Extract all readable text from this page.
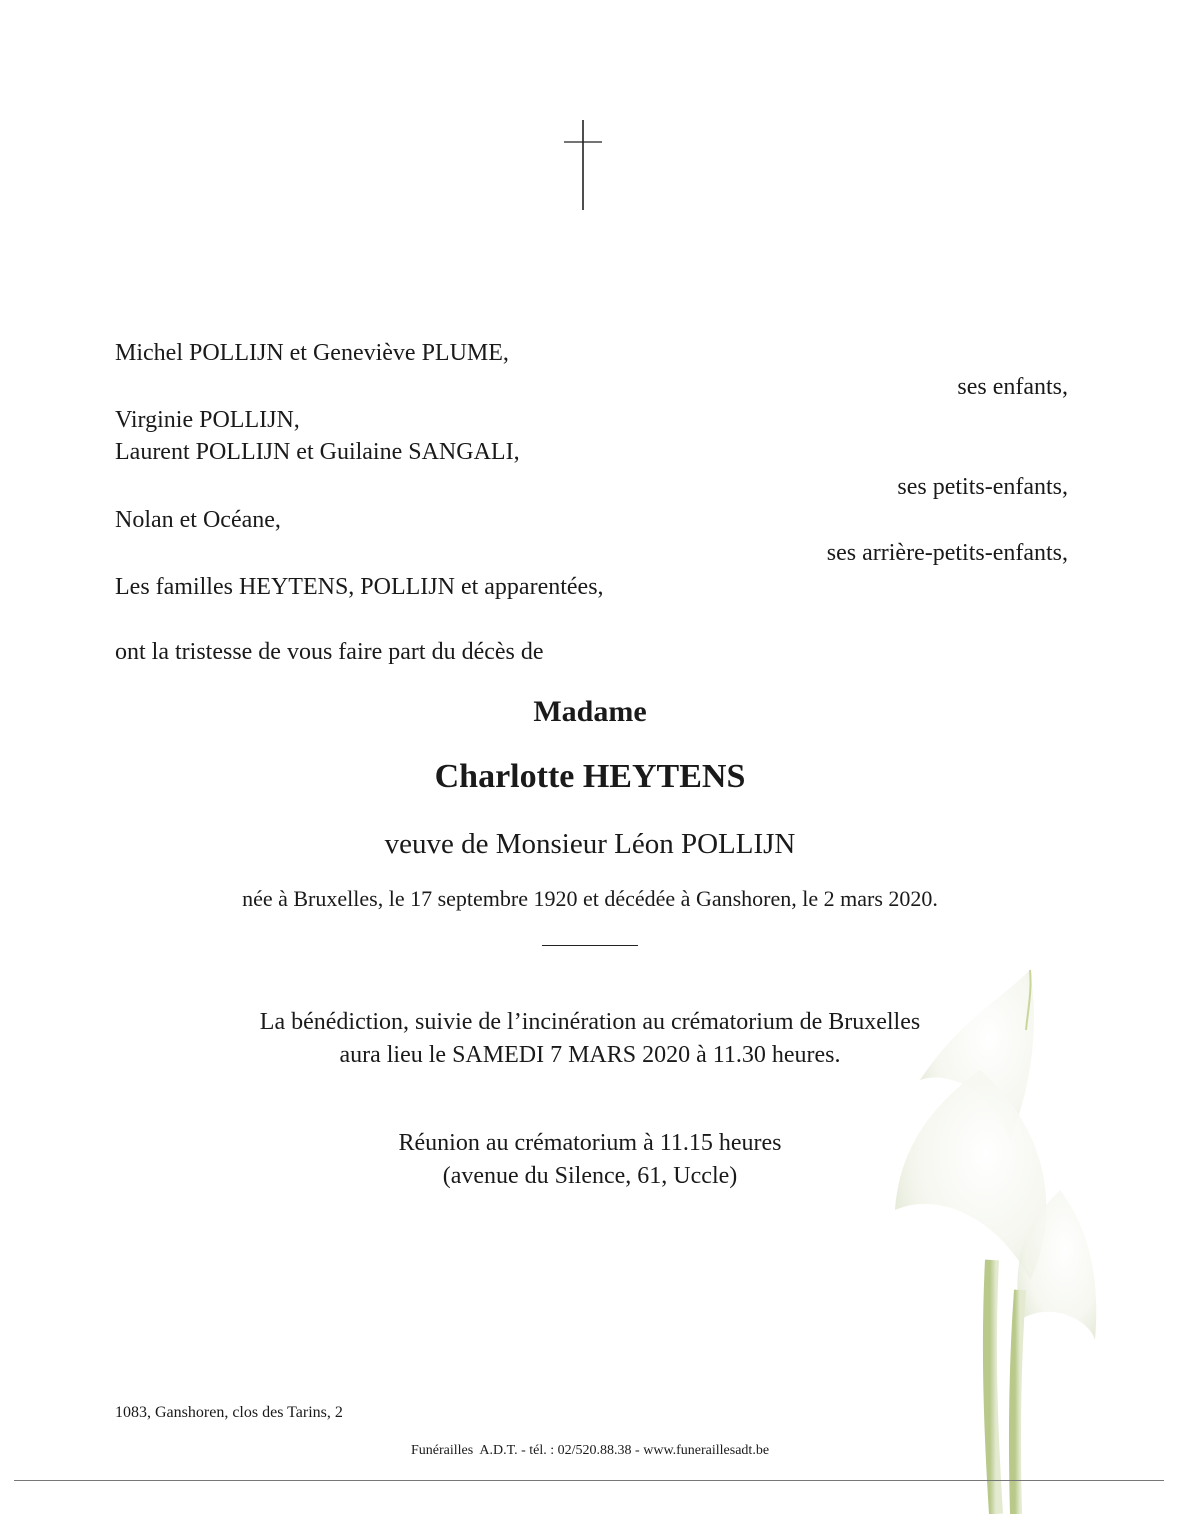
Michel POLLIJN et Geneviève PLUME,
ses enfants,
Virginie POLLIJN,
Laurent POLLIJN et Guilaine SANGALI,
ses petits-enfants,
Nolan et Océane,
ses arrière-petits-enfants,
Les familles HEYTENS, POLLIJN et apparentées,
ont la tristesse de vous faire part du décès de
Madame
Charlotte HEYTENS
veuve de Monsieur Léon POLLIJN
née à Bruxelles, le 17 septembre 1920 et décédée à Ganshoren, le 2 mars 2020.
La bénédiction, suivie de l’incinération au crématorium de Bruxelles
aura lieu le SAMEDI 7 MARS 2020 à 11.30 heures.
Réunion au crématorium à 11.15 heures
(avenue du Silence, 61, Uccle)
1083, Ganshoren, clos des Tarins, 2
Funérailles  A.D.T. - tél. : 02/520.88.38 - www.funeraillesadt.be
